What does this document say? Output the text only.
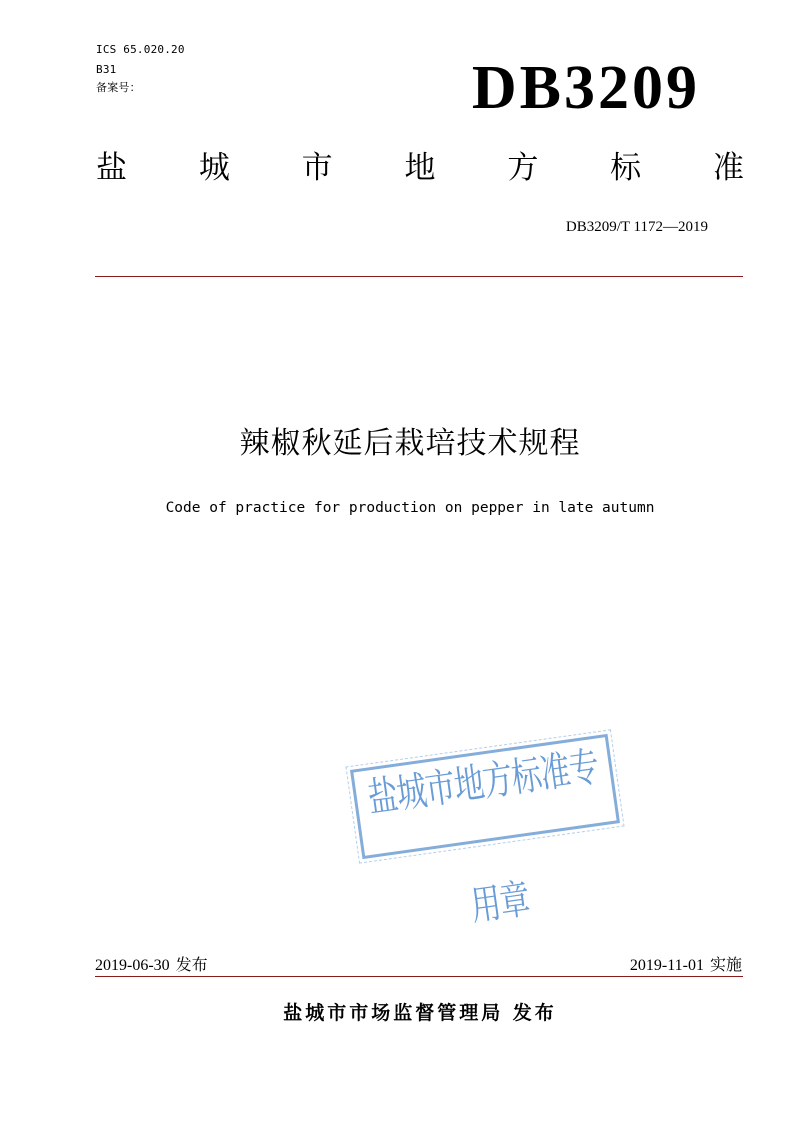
ICS 65.020.20
B31
备案号：	DB3209
盐 城 市 地 方 标 准
DB3209/T 1172—2019
辣椒秋延后栽培技术规程
Code of practice for production on pepper in late autumn
盐城市地方标准专用章
2019-06-30 发布	2019-11-01 实施
盐城市市场监督管理局 发布
